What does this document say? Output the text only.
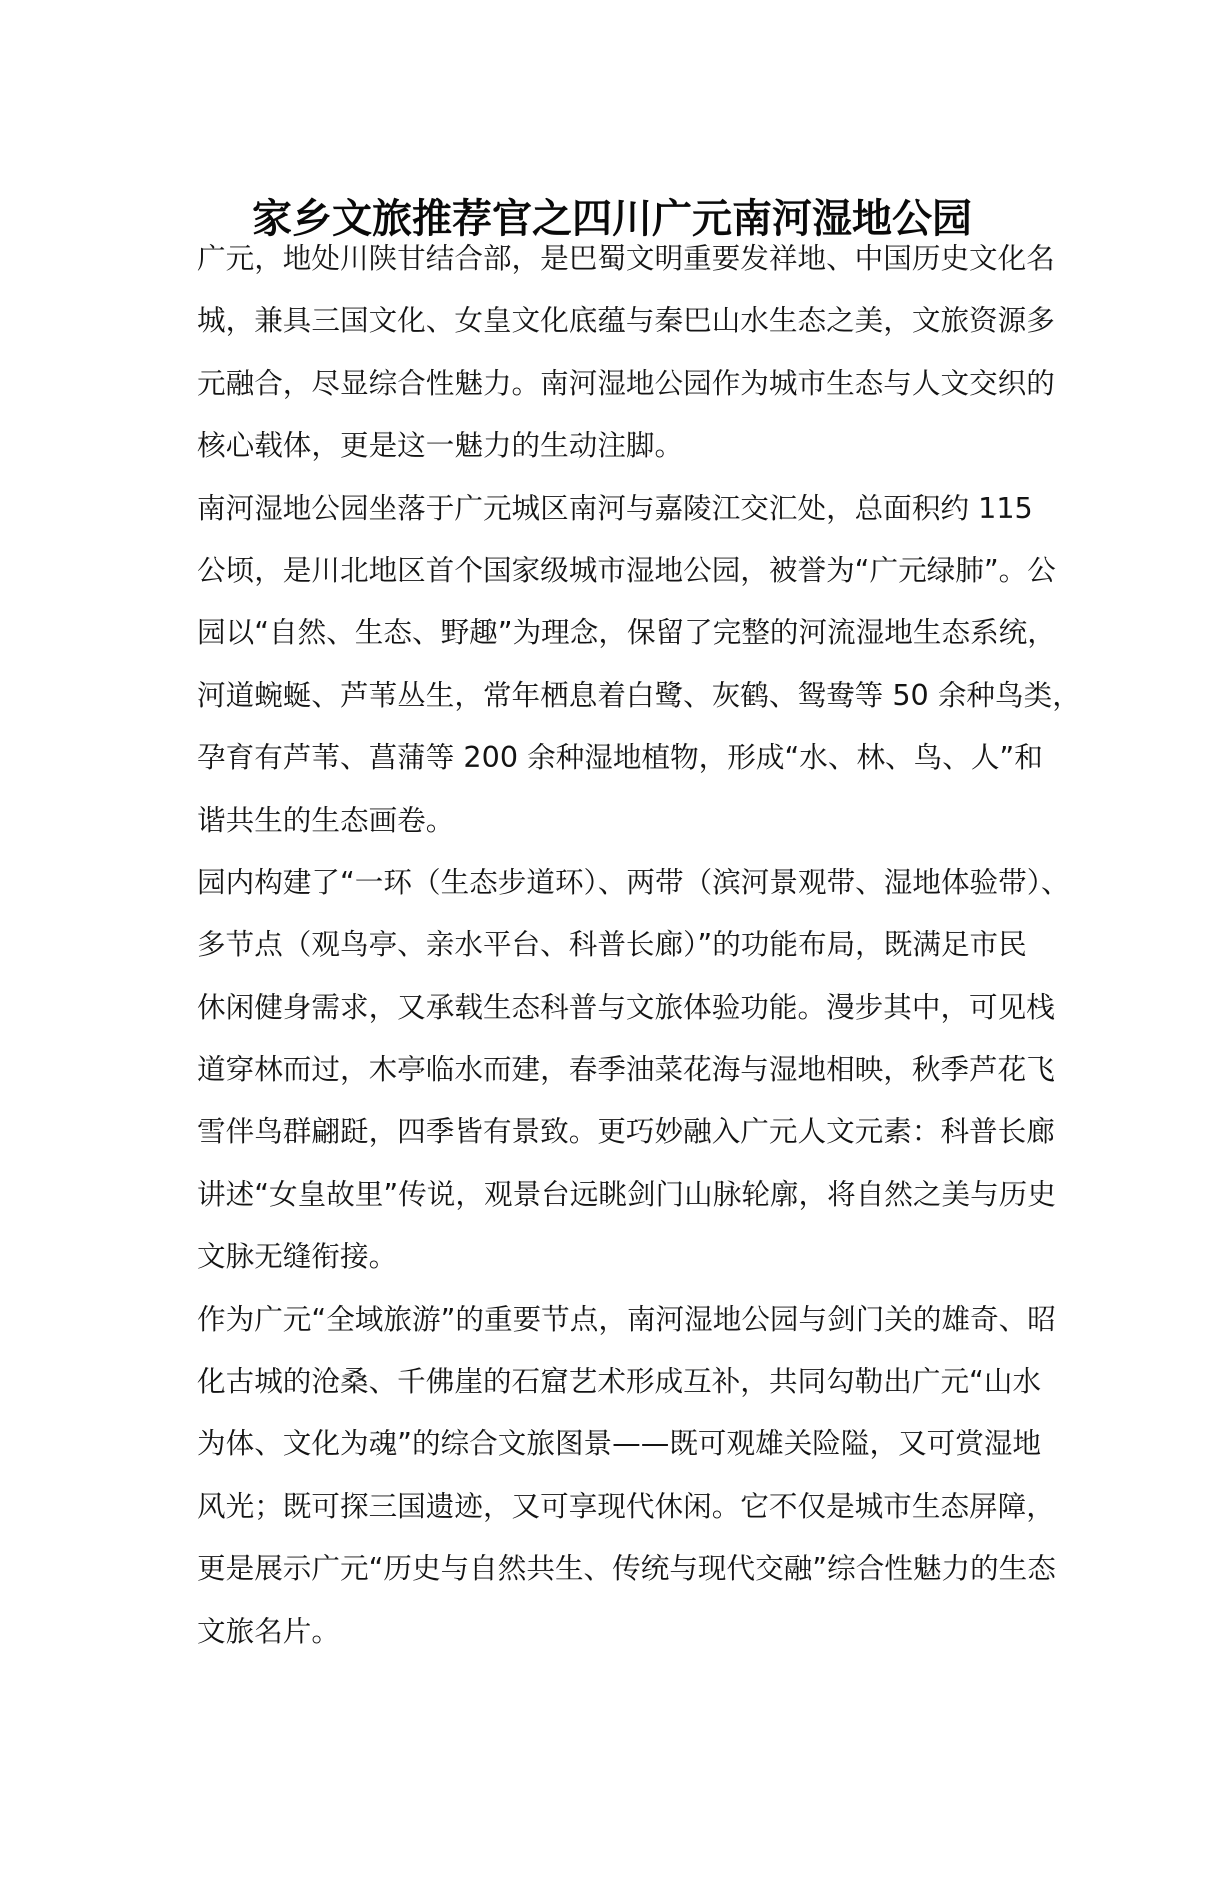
家乡文旅推荐官之四川广元南河湿地公园
广元，地处川陕甘结合部，是巴蜀文明重要发祥地、中国历史文化名
城，兼具三国文化、女皇文化底蕴与秦巴山水生态之美，文旅资源多
元融合，尽显综合性魅力。南河湿地公园作为城市生态与人文交织的
核心载体，更是这一魅力的生动注脚。
南河湿地公园坐落于广元城区南河与嘉陵江交汇处，总面积约 115
公顷，是川北地区首个国家级城市湿地公园，被誉为“广元绿肺”。公
园以“自然、生态、野趣”为理念，保留了完整的河流湿地生态系统，
河道蜿蜒、芦苇丛生，常年栖息着白鹭、灰鹤、鸳鸯等 50 余种鸟类，
孕育有芦苇、菖蒲等 200 余种湿地植物，形成“水、林、鸟、人”和
谐共生的生态画卷。
园内构建了“一环（生态步道环）、两带（滨河景观带、湿地体验带）、
多节点（观鸟亭、亲水平台、科普长廊）”的功能布局，既满足市民
休闲健身需求，又承载生态科普与文旅体验功能。漫步其中，可见栈
道穿林而过，木亭临水而建，春季油菜花海与湿地相映，秋季芦花飞
雪伴鸟群翩跹，四季皆有景致。更巧妙融入广元人文元素：科普长廊
讲述“女皇故里”传说，观景台远眺剑门山脉轮廓，将自然之美与历史
文脉无缝衔接。
作为广元“全域旅游”的重要节点，南河湿地公园与剑门关的雄奇、昭
化古城的沧桑、千佛崖的石窟艺术形成互补，共同勾勒出广元“山水
为体、文化为魂”的综合文旅图景——既可观雄关险隘，又可赏湿地
风光；既可探三国遗迹，又可享现代休闲。它不仅是城市生态屏障，
更是展示广元“历史与自然共生、传统与现代交融”综合性魅力的生态
文旅名片。
